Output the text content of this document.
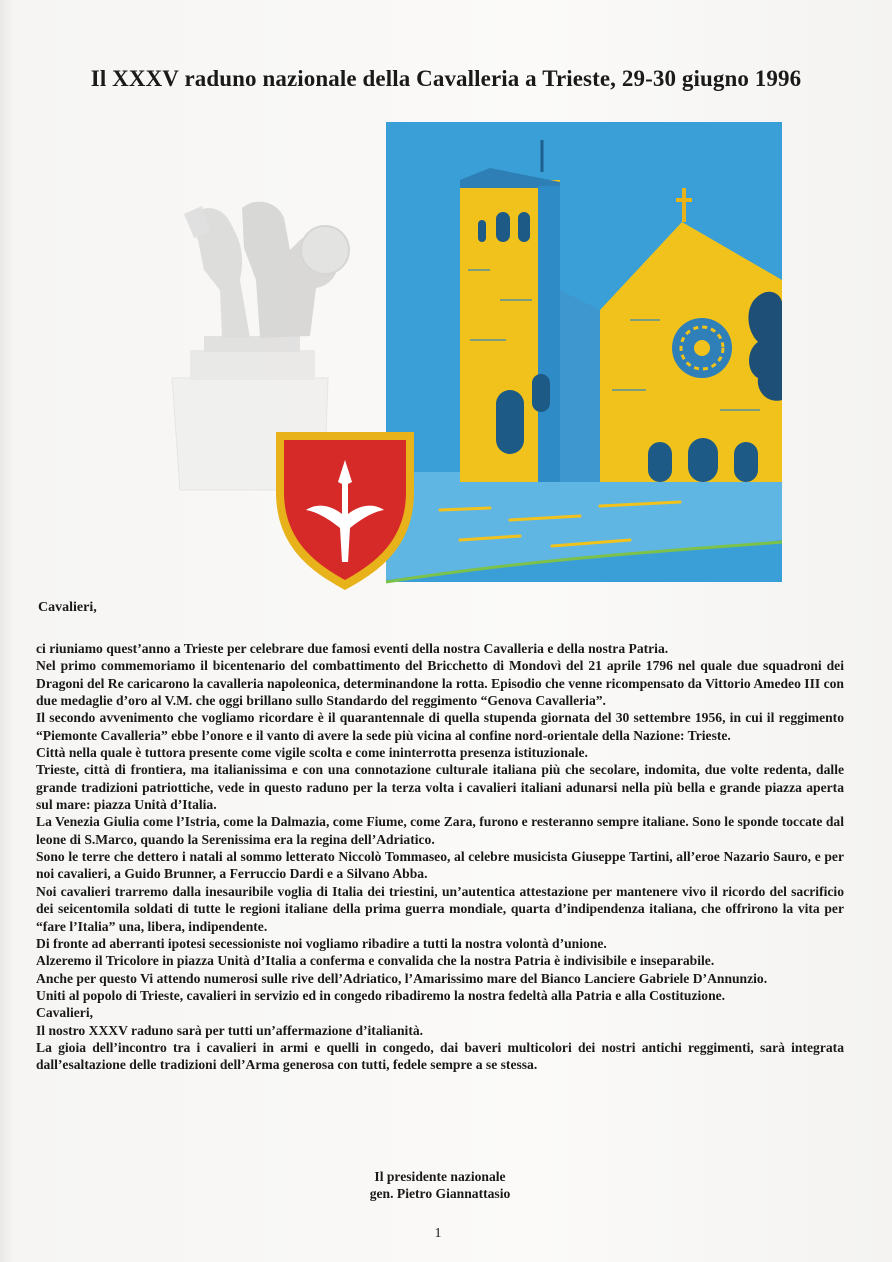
Il XXXV raduno nazionale della Cavalleria a Trieste, 29-30 giugno 1996
Cavalieri,

ci riuniamo quest’anno a Trieste per celebrare due famosi eventi della nostra Cavalleria e della nostra Patria.

Nel primo commemoriamo il bicentenario del combattimento del Bricchetto di Mondovì del 21 aprile 1796 nel quale due squadroni dei Dragoni del Re caricarono la cavalleria napoleonica, determinandone la rotta. Episodio che venne ricompensato da Vittorio Amedeo III con due medaglie d’oro al V.M. che oggi brillano sullo Standardo del reggimento “Genova Cavalleria”.

Il secondo avvenimento che vogliamo ricordare è il quarantennale di quella stupenda giornata del 30 settembre 1956, in cui il reggimento “Piemonte Cavalleria” ebbe l’onore e il vanto di avere la sede più vicina al confine nord-orientale della Nazione: Trieste.

Città nella quale è tuttora presente come vigile scolta e come ininterrotta presenza istituzionale.

Trieste, città di frontiera, ma italianissima e con una connotazione culturale italiana più che secolare, indomita, due volte redenta, dalle grande tradizioni patriottiche, vede in questo raduno per la terza volta i cavalieri italiani adunarsi nella più bella e grande piazza aperta sul mare: piazza Unità d’Italia.

La Venezia Giulia come l’Istria, come la Dalmazia, come Fiume, come Zara, furono e resteranno sempre italiane. Sono le sponde toccate dal leone di S.Marco, quando la Serenissima era la regina dell’Adriatico.

Sono le terre che dettero i natali al sommo letterato Niccolò Tommaseo, al celebre musicista Giuseppe Tartini, all’eroe Nazario Sauro, e per noi cavalieri, a Guido Brunner, a Ferruccio Dardi e a Silvano Abba.

Noi cavalieri trarremo dalla inesauribile voglia di Italia dei triestini, un’autentica attestazione per mantenere vivo il ricordo del sacrificio dei seicentomila soldati di tutte le regioni italiane della prima guerra mondiale, quarta d’indipendenza italiana, che offrirono la vita per “fare l’Italia” una, libera, indipendente.

Di fronte ad aberranti ipotesi secessioniste noi vogliamo ribadire a tutti la nostra volontà d’unione.

Alzeremo il Tricolore in piazza Unità d’Italia a conferma e convalida che la nostra Patria è indivisibile e inseparabile.

Anche per questo Vi attendo numerosi sulle rive dell’Adriatico, l’Amarissimo mare del Bianco Lanciere Gabriele D’Annunzio.

Uniti al popolo di Trieste, cavalieri in servizio ed in congedo ribadiremo la nostra fedeltà alla Patria e alla Costituzione.

Cavalieri,

Il nostro XXXV raduno sarà per tutti un’affermazione d’italianità.

La gioia dell’incontro tra i cavalieri in armi e quelli in congedo, dai baveri multicolori dei nostri antichi reggimenti, sarà integrata dall’esaltazione delle tradizioni dell’Arma generosa con tutti, fedele sempre a se stessa.

Il presidente nazionale
gen. Pietro Giannattasio
1
